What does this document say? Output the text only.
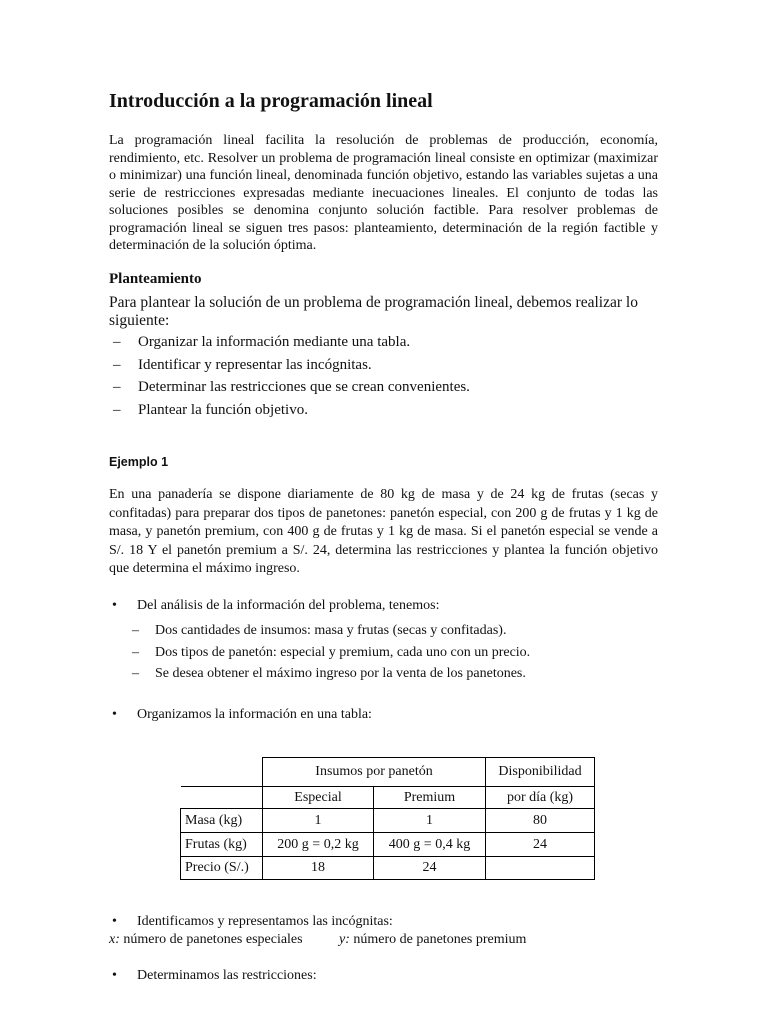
Introducción a la programación lineal

La programación lineal facilita la resolución de problemas de producción, economía, rendimiento, etc. Resolver un problema de programación lineal consiste en optimizar (maximizar o minimizar) una función lineal, denominada función objetivo, estando las variables sujetas a una serie de restricciones expresadas mediante inecuaciones lineales. El conjunto de todas las soluciones posibles se denomina conjunto solución factible. Para resolver problemas de programación lineal se siguen tres pasos: planteamiento, determinación de la región factible y determinación de la solución óptima.

Planteamiento

Para plantear la solución de un problema de programación lineal, debemos realizar lo siguiente:

– Organizar la información mediante una tabla.
– Identificar y representar las incógnitas.
– Determinar las restricciones que se crean convenientes.
– Plantear la función objetivo.
Ejemplo 1

En una panadería se dispone diariamente de 80 kg de masa y de 24 kg de frutas (secas y confitadas) para preparar dos tipos de panetones: panetón especial, con 200 g de frutas y 1 kg de masa, y panetón premium, con 400 g de frutas y 1 kg de masa. Si el panetón especial se vende a S/. 18 Y el panetón premium a S/. 24, determina las restricciones y plantea la función objetivo que determina el máximo ingreso.

• Del análisis de la información del problema, tenemos:
– Dos cantidades de insumos: masa y frutas (secas y confitadas).
– Dos tipos de panetón: especial y premium, cada uno con un precio.
– Se desea obtener el máximo ingreso por la venta de los panetones.
• Organizamos la información en una tabla:
	Insumos por panetón		Disponibilidad
	Especial	Premium	por día (kg)
Masa (kg)	1	1	80
Frutas (kg)	200 g = 0,2 kg	400 g = 0,4 kg	24
Precio (S/.)	18	24	
• Identificamos y representamos las incógnitas:
x: número de panetones especiales	y: número de panetones premium
• Determinamos las restricciones:
